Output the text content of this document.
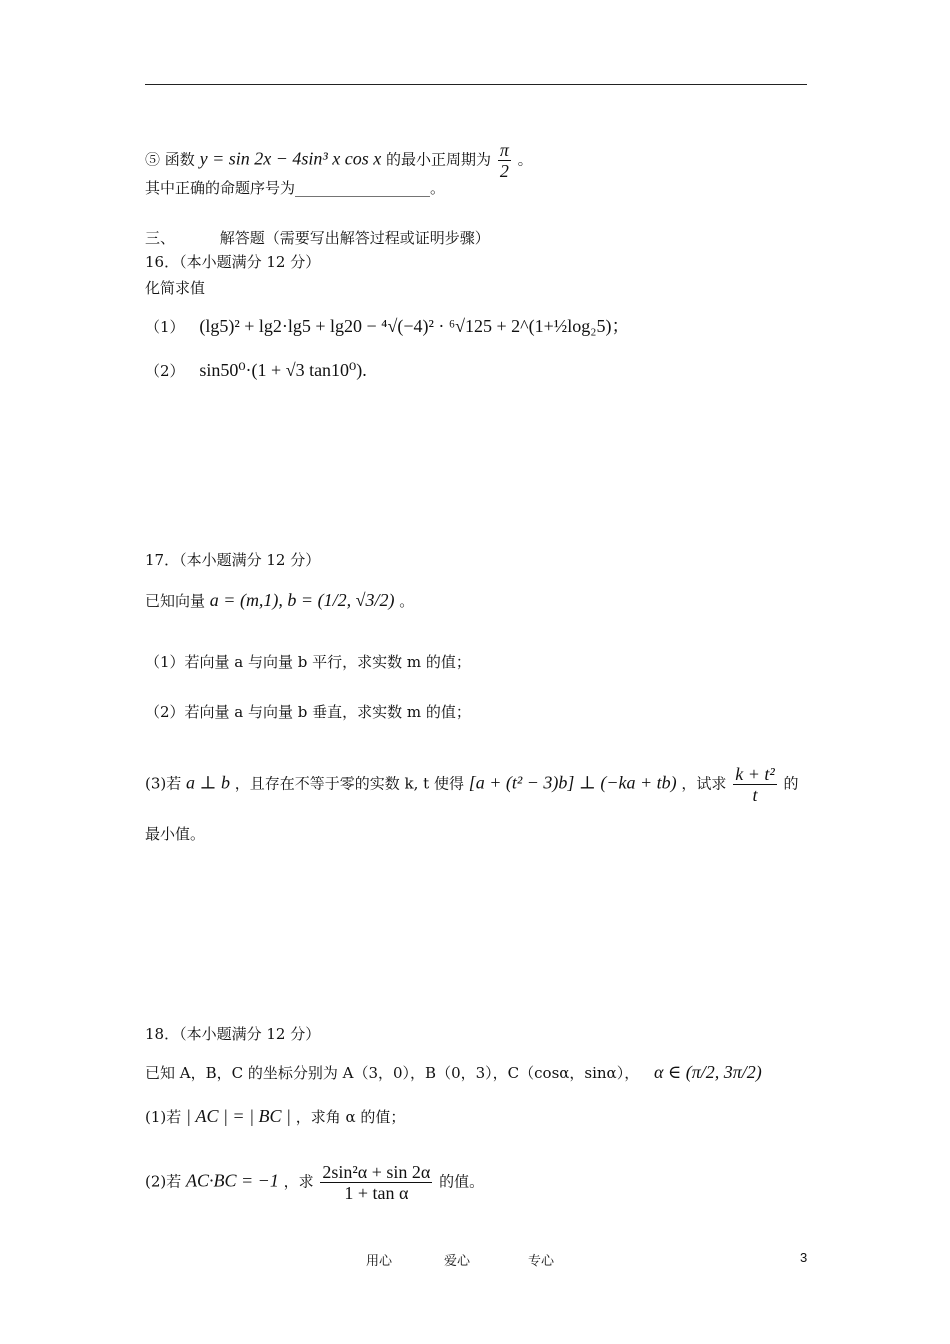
⑤ 函数 y = sin 2x − 4sin³ x cos x 的最小正周期为 $\frac{\pi}{2}$ 。
其中正确的命题序号为__________________。
三、	解答题（需要写出解答过程或证明步骤）
16．（本小题满分 12 分）
化简求值
（1） (lg5)² + lg2·lg5 + lg20 − ⁴√(−4)² · ⁶√125 + 2^(1+½log₂5)；
（2） sin50⁰·(1 + √3 tan10⁰).
17．（本小题满分 12 分）
已知向量 a = (m,1), b = (1/2, √3/2) 。
（1）若向量 a 与向量 b 平行，求实数 m 的值；
（2）若向量 a 与向量 b 垂直，求实数 m 的值；
(3)若 a ⊥ b ，且存在不等于零的实数 k, t 使得 [a + (t² − 3)b] ⊥ (−ka + tb) ，试求 $\frac{\text{k + t²}}{t}$ 的
最小值。
18．（本小题满分 12 分）
已知 A，B，C 的坐标分别为 A（3，0），B（0，3），C（cosα，sinα）， α ∈ (π/2, 3π/2)
(1)若 | AC | = | BC | ，求角 α 的值；
(2)若 AC·BC = −1 ，求 $\frac{\text{2sin²α + sin 2α}}{\text{1 + tan α}}$ 的值。
用心	爱心	专心	3
